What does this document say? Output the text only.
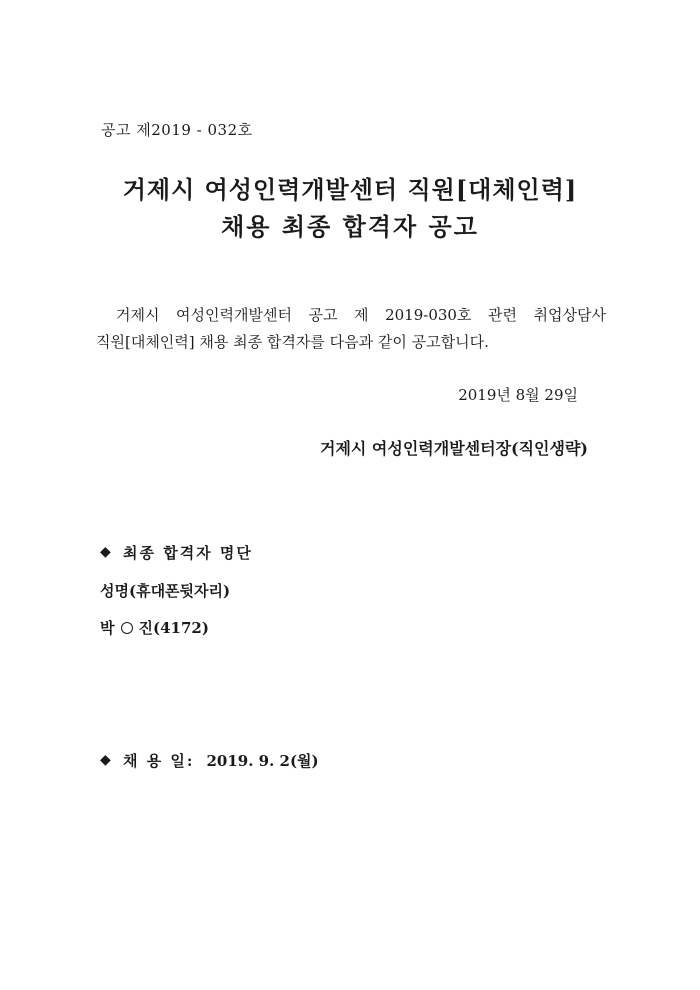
공고 제2019 - 032호
거제시 여성인력개발센터 직원[대체인력]
채용 최종 합격자 공고
거제시 여성인력개발센터 공고 제 2019-030호 관련 취업상담사
직원[대체인력] 채용 최종 합격자를 다음과 같이 공고합니다.
2019년 8월 29일
거제시 여성인력개발센터장(직인생략)
◆ 최종 합격자 명단
성명(휴대폰뒷자리)
박 진(4172)
◆ 채 용 일: 2019. 9. 2(월)
